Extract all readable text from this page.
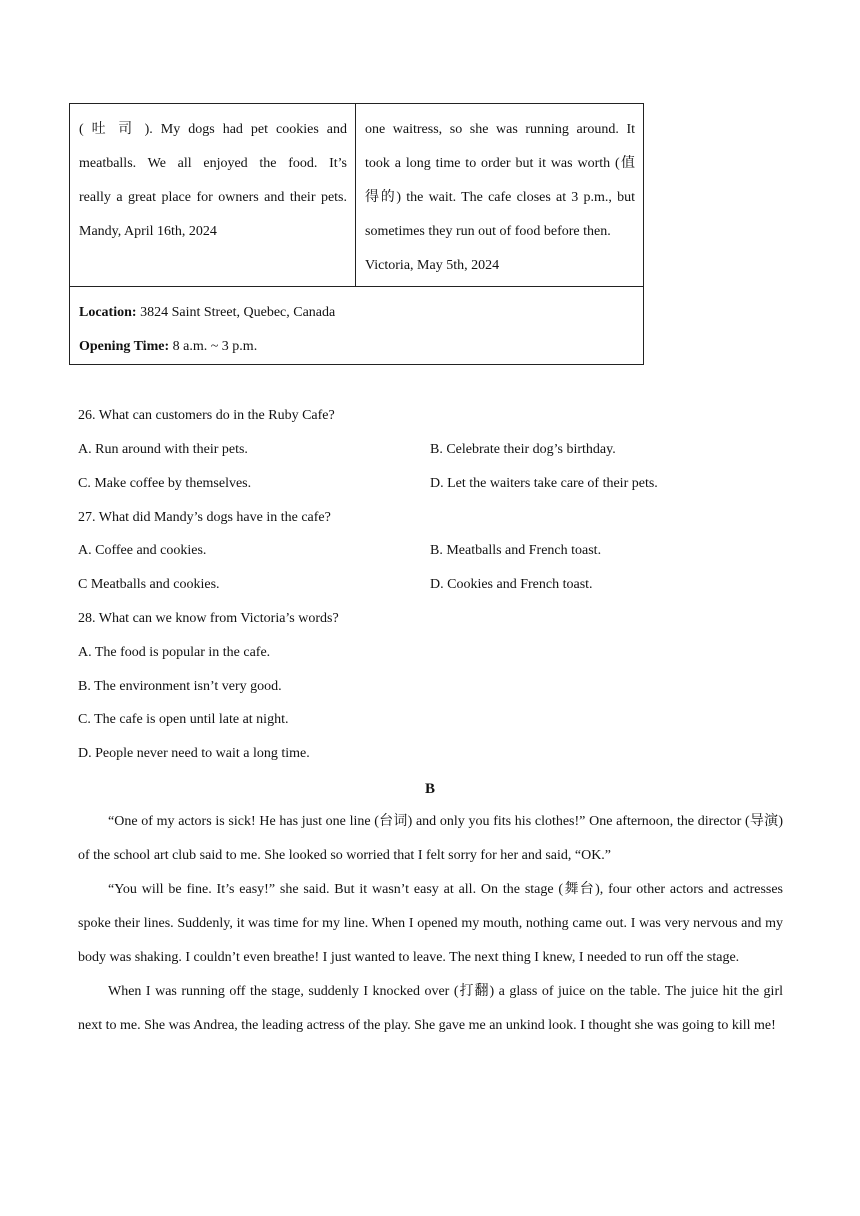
( 吐 司 ). My dogs had pet cookies and
meatballs. We all enjoyed the food. It’s
really a great place for owners and their pets.
Mandy, April 16th, 2024
one waitress, so she was running around. It
took a long time to order but it was worth (值
得的) the wait. The cafe closes at 3 p.m., but
sometimes they run out of food before then.
Victoria, May 5th, 2024
Location: 3824 Saint Street, Quebec, Canada
Opening Time: 8 a.m. ~ 3 p.m.
26. What can customers do in the Ruby Cafe?
A. Run around with their pets.	B. Celebrate their dog’s birthday.
C. Make coffee by themselves.	D. Let the waiters take care of their pets.
27. What did Mandy’s dogs have in the cafe?
A. Coffee and cookies.	B. Meatballs and French toast.
C Meatballs and cookies.	D. Cookies and French toast.
28. What can we know from Victoria’s words?
A. The food is popular in the cafe.
B. The environment isn’t very good.
C. The cafe is open until late at night.
D. People never need to wait a long time.
B

“One of my actors is sick! He has just one line (台词) and only you fits his clothes!” One afternoon, the director (导演) of the school art club said to me. She looked so worried that I felt sorry for her and said, “OK.”

“You will be fine. It’s easy!” she said. But it wasn’t easy at all. On the stage (舞台), four other actors and actresses spoke their lines. Suddenly, it was time for my line. When I opened my mouth, nothing came out. I was very nervous and my body was shaking. I couldn’t even breathe! I just wanted to leave. The next thing I knew, I needed to run off the stage.

When I was running off the stage, suddenly I knocked over (打翻) a glass of juice on the table. The juice hit the girl next to me. She was Andrea, the leading actress of the play. She gave me an unkind look. I thought she was going to kill me!
